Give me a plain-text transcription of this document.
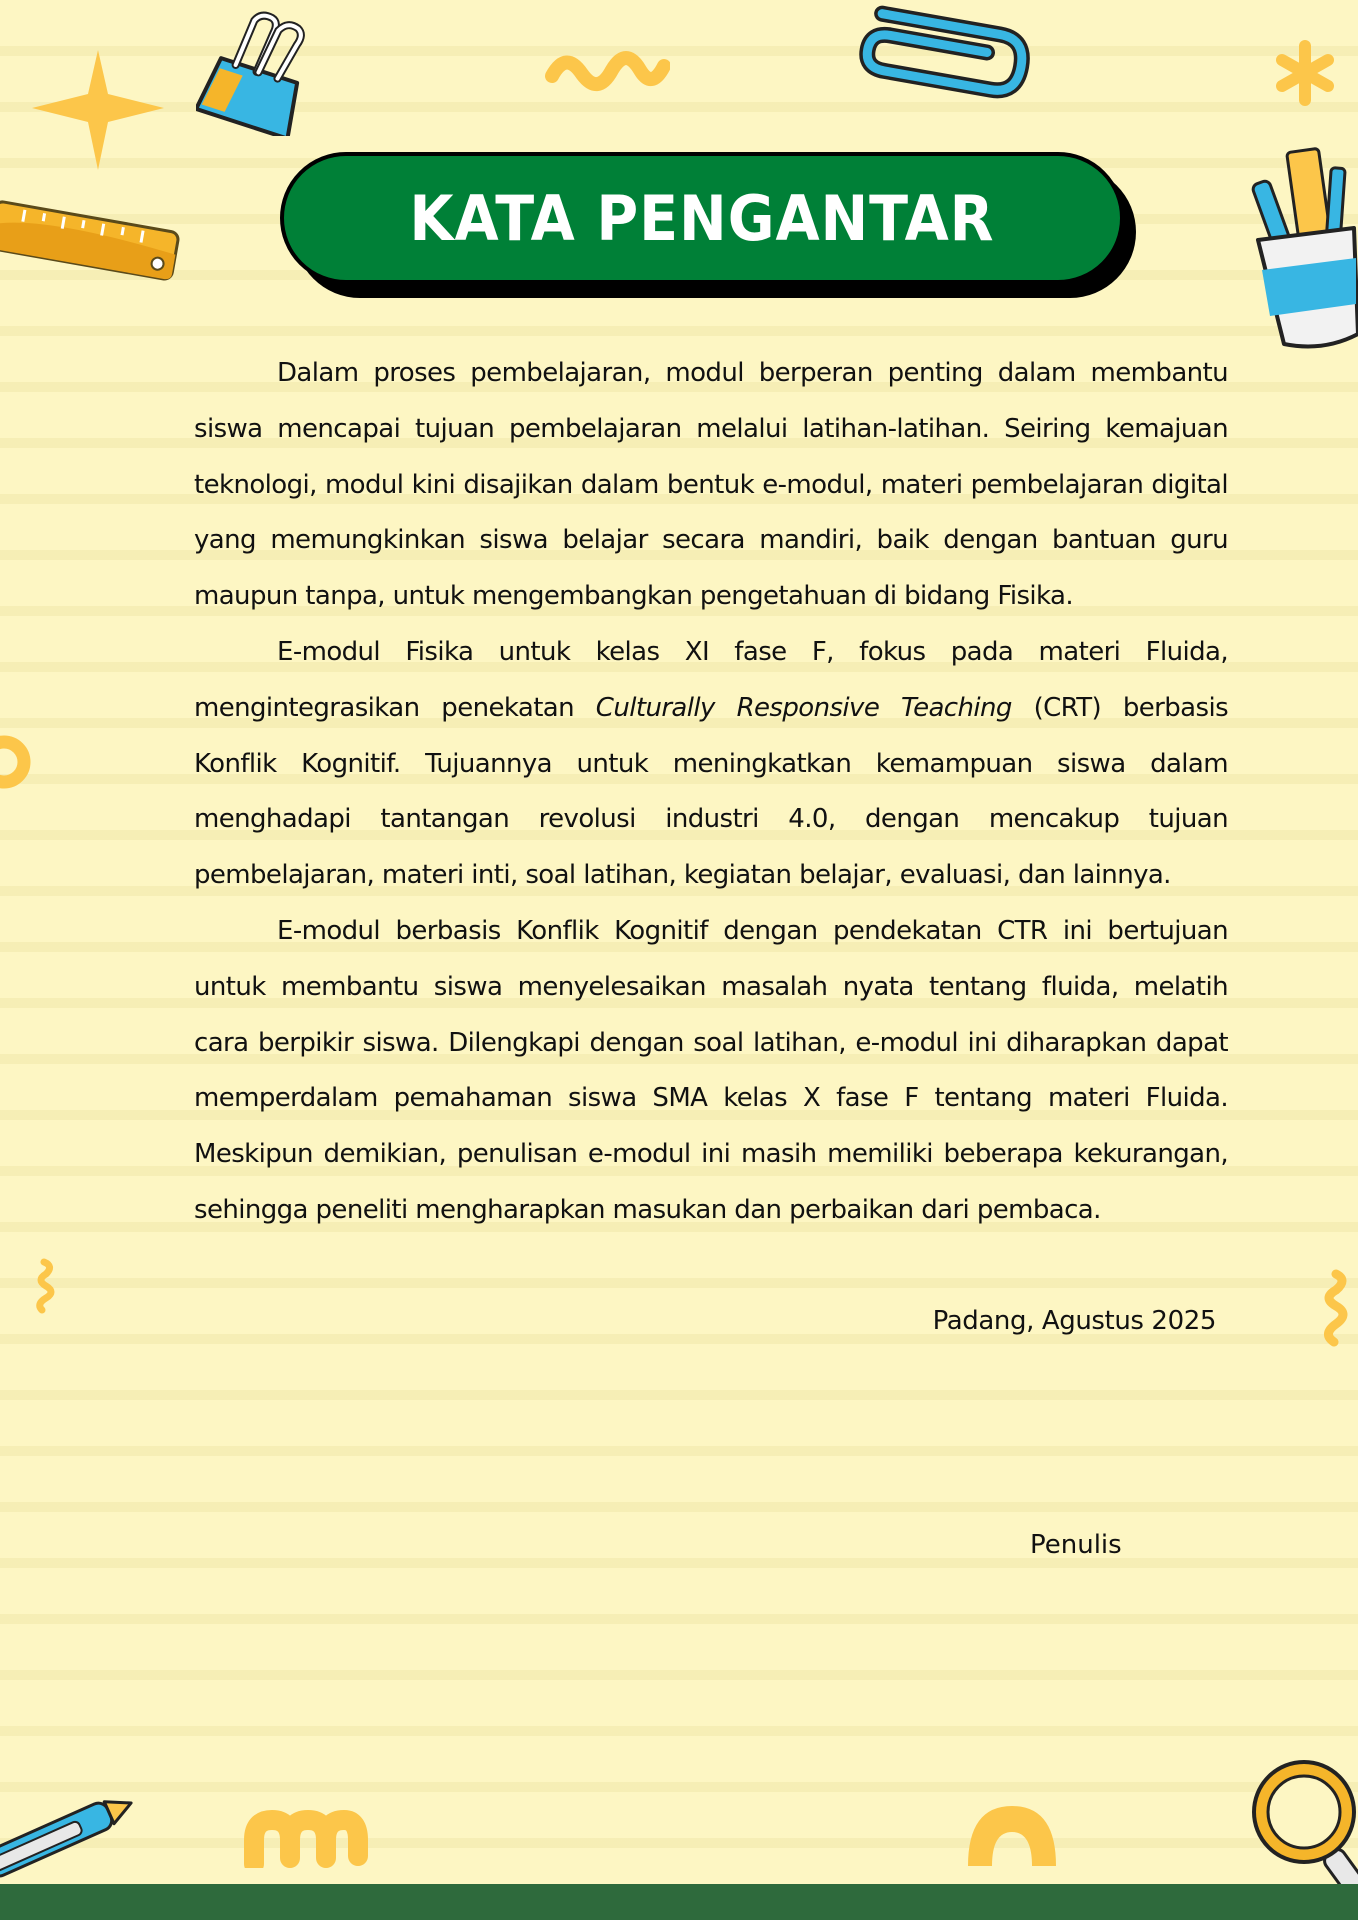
KATA PENGANTAR

Dalam proses pembelajaran, modul berperan penting dalam membantu siswa mencapai tujuan pembelajaran melalui latihan-latihan. Seiring kemajuan teknologi, modul kini disajikan dalam bentuk e-modul, materi pembelajaran digital yang memungkinkan siswa belajar secara mandiri, baik dengan bantuan guru maupun tanpa, untuk mengembangkan pengetahuan di bidang Fisika.

E-modul Fisika untuk kelas XI fase F, fokus pada materi Fluida, mengintegrasikan penekatan Culturally Responsive Teaching (CRT) berbasis Konflik Kognitif. Tujuannya untuk meningkatkan kemampuan siswa dalam menghadapi tantangan revolusi industri 4.0, dengan mencakup tujuan pembelajaran, materi inti, soal latihan, kegiatan belajar, evaluasi, dan lainnya.

E-modul berbasis Konflik Kognitif dengan pendekatan CTR ini bertujuan untuk membantu siswa menyelesaikan masalah nyata tentang fluida, melatih cara berpikir siswa. Dilengkapi dengan soal latihan, e-modul ini diharapkan dapat memperdalam pemahaman siswa SMA kelas X fase F tentang materi Fluida. Meskipun demikian, penulisan e-modul ini masih memiliki beberapa kekurangan, sehingga peneliti mengharapkan masukan dan perbaikan dari pembaca.

Padang, Agustus 2025
Penulis
